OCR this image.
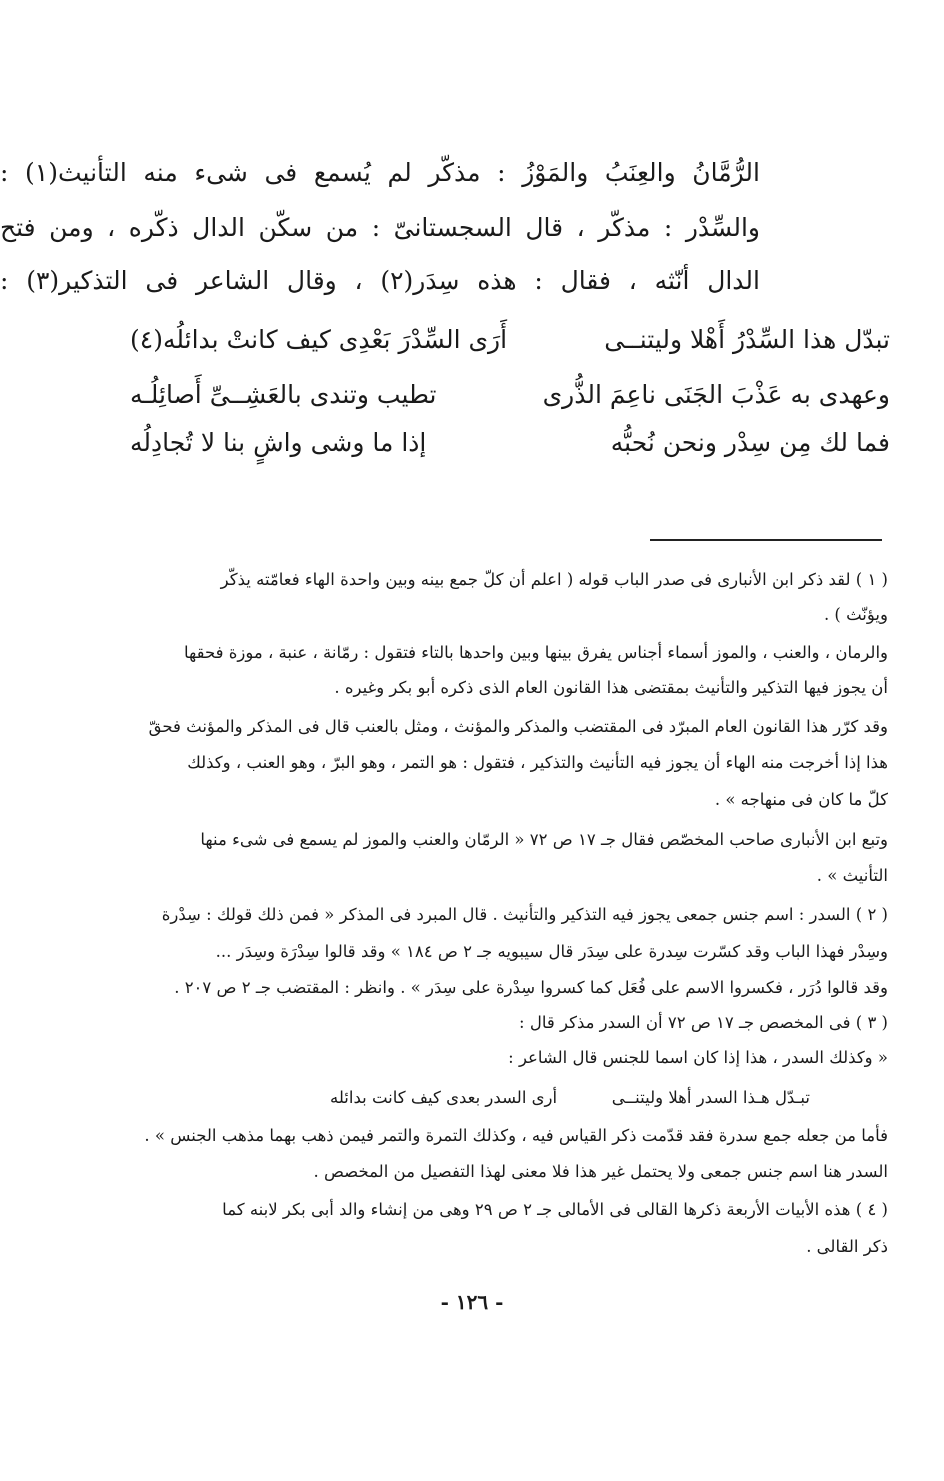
الرُّمَّانُ والعِنَبُ والمَوْزُ : مذكّر لم يُسمع فى شىء منه التأنيث(١) :
والسِّدْر : مذكّر ، قال السجستانىّ : من سكّن الدال ذكّره ، ومن فتح
الدال أنّثه ، فقال : هذه سِدَر(٢) ، وقال الشاعر فى التذكير(٣) :
تبدّل هذا السِّدْرُ أَهْلا وليتنــى
أَرَى السِّدْرَ بَعْدِى كيف كانتْ بدائلُه(٤)
وعهدى به عَذْبَ الجَنَى ناعِمَ الذُّرى
تطيب وتندى بالعَشِــىِّ أَصائِلُـه
فما لك مِن سِدْر ونحن نُحبُّه
إذا ما وشى واشٍ بنا لا تُجادِلُه
( ١ ) لقد ذكر ابن الأنبارى فى صدر الباب قوله ( اعلم أن كلّ جمع بينه وبين واحدة الهاء فعامّته يذكّر
ويؤنّث ) .
والرمان ، والعنب ، والموز أسماء أجناس يفرق بينها وبين واحدها بالتاء فتقول : رمّانة ، عنبة ، موزة فحقها
أن يجوز فيها التذكير والتأنيث بمقتضى هذا القانون العام الذى ذكره أبو بكر وغيره .
وقد كرّر هذا القانون العام المبرّد فى المقتضب والمذكر والمؤنث ، ومثل بالعنب قال فى المذكر والمؤنث فحقّ
هذا إذا أخرجت منه الهاء أن يجوز فيه التأنيث والتذكير ، فتقول : هو التمر ، وهو البرّ ، وهو العنب ، وكذلك
كلّ ما كان فى منهاجه » .
وتبع ابن الأنبارى صاحب المخصّص فقال جـ ١٧ ص ٧٢ « الرمّان والعنب والموز لم يسمع فى شىء منها
التأنيث » .
( ٢ ) السدر : اسم جنس جمعى يجوز فيه التذكير والتأنيث . قال المبرد فى المذكر « فمن ذلك قولك : سِدْرة
وسِدْر فهذا الباب وقد كسّرت سِدرة على سِدَر قال سيبويه جـ ٢ ص ١٨٤ » وقد قالوا سِدْرَة وسِدَر ...
وقد قالوا دُرَر ، فكسروا الاسم على فُعَل كما كسروا سِدْرة على سِدَر » . وانظر : المقتضب جـ ٢ ص ٢٠٧ .
( ٣ ) فى المخصص جـ ١٧ ص ٧٢ أن السدر مذكر قال :
« وكذلك السدر ، هذا إذا كان اسما للجنس قال الشاعر :
تبـدّل هـذا السدر أهلا وليتنــى
أرى السدر بعدى كيف كانت بدائله
فأما من جعله جمع سدرة فقد قدّمت ذكر القياس فيه ، وكذلك التمرة والتمر فيمن ذهب بهما مذهب الجنس » .
السدر هنا اسم جنس جمعى ولا يحتمل غير هذا فلا معنى لهذا التفصيل من المخصص .
( ٤ ) هذه الأبيات الأربعة ذكرها القالى فى الأمالى جـ ٢ ص ٢٩ وهى من إنشاء والد أبى بكر لابنه كما
ذكر القالى .
- ١٢٦ -
